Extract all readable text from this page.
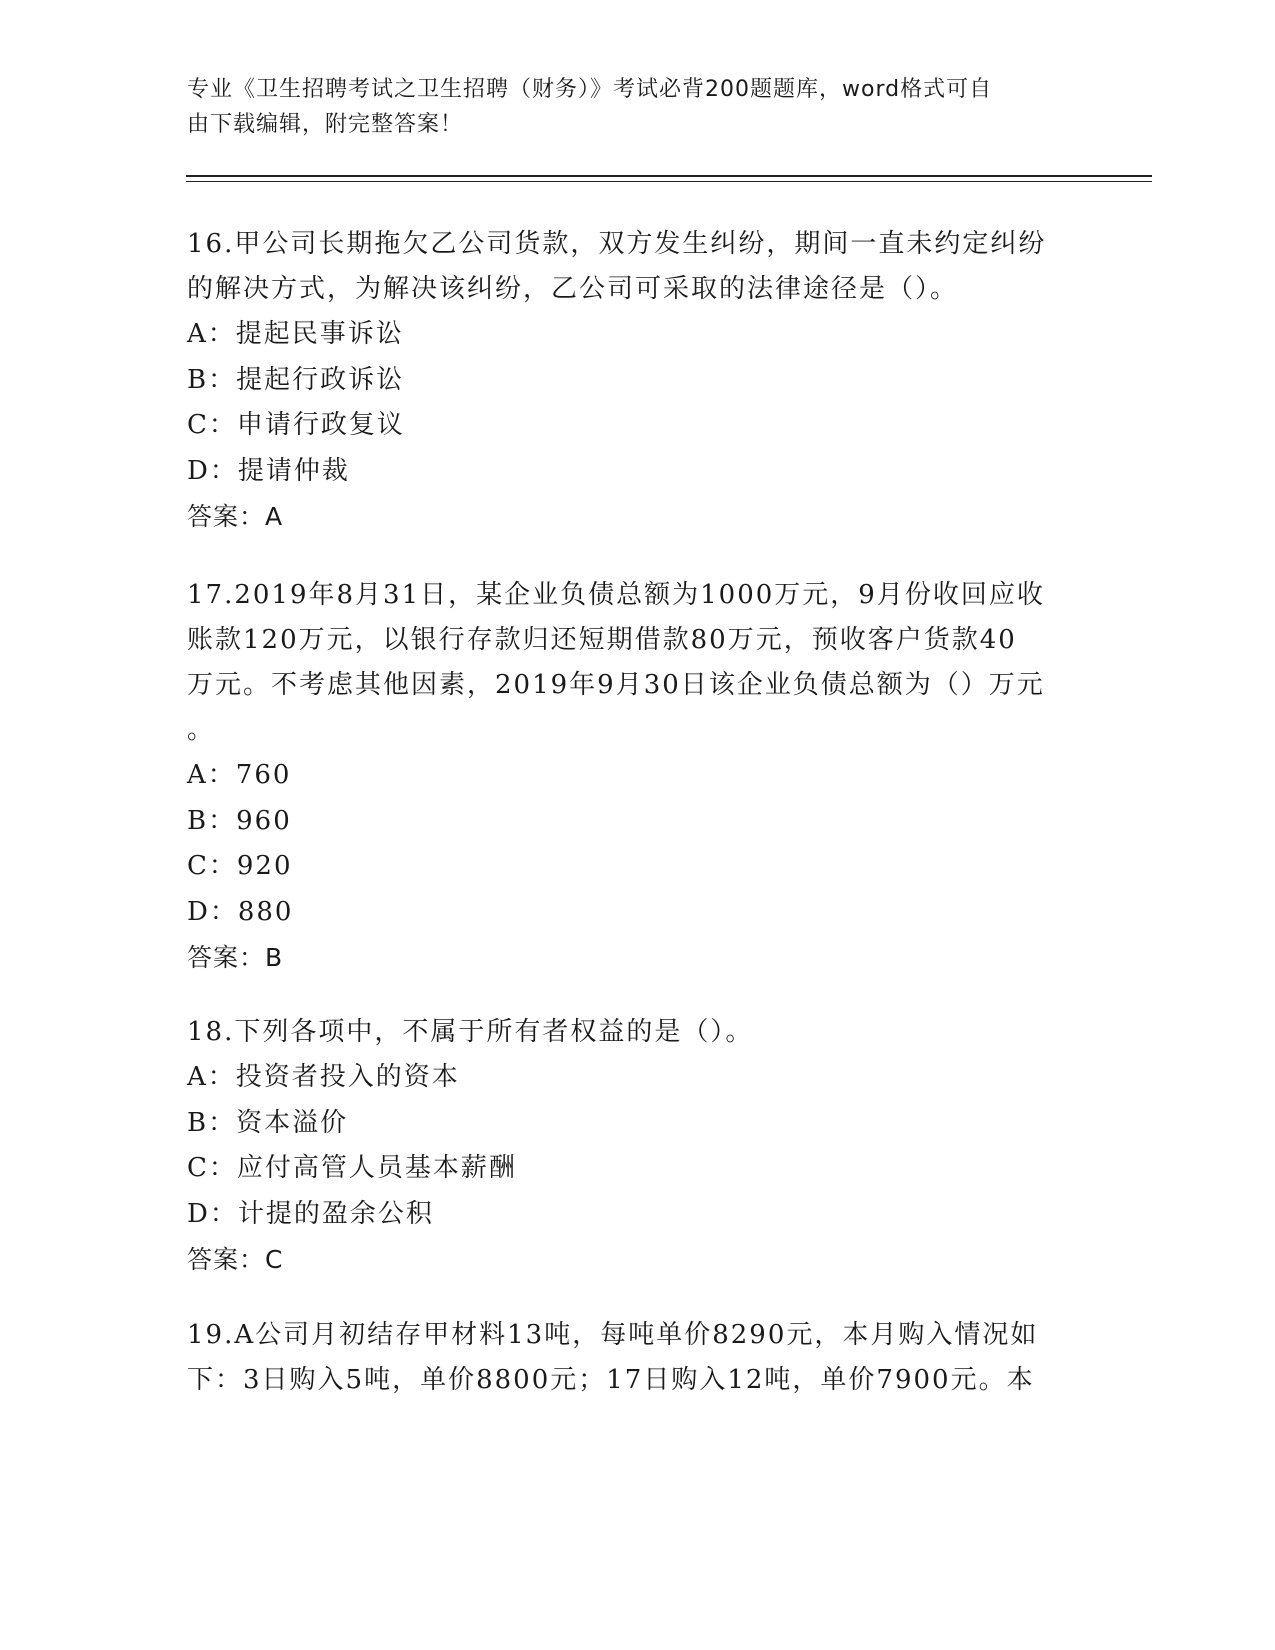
专业《卫生招聘考试之卫生招聘（财务）》考试必背200题题库，word格式可自
由下载编辑，附完整答案！

16.甲公司长期拖欠乙公司货款，双方发生纠纷，期间一直未约定纠纷

的解决方式，为解决该纠纷，乙公司可采取的法律途径是（）。

A：提起民事诉讼

B：提起行政诉讼

C：申请行政复议

D：提请仲裁

答案：A

17.2019年8月31日，某企业负债总额为1000万元，9月份收回应收

账款120万元，以银行存款归还短期借款80万元，预收客户货款40

万元。不考虑其他因素，2019年9月30日该企业负债总额为（）万元

。

A：760

B：960

C：920

D：880

答案：B

18.下列各项中，不属于所有者权益的是（）。

A：投资者投入的资本

B：资本溢价

C：应付高管人员基本薪酬

D：计提的盈余公积

答案：C

19.A公司月初结存甲材料13吨，每吨单价8290元，本月购入情况如

下：3日购入5吨，单价8800元；17日购入12吨，单价7900元。本
